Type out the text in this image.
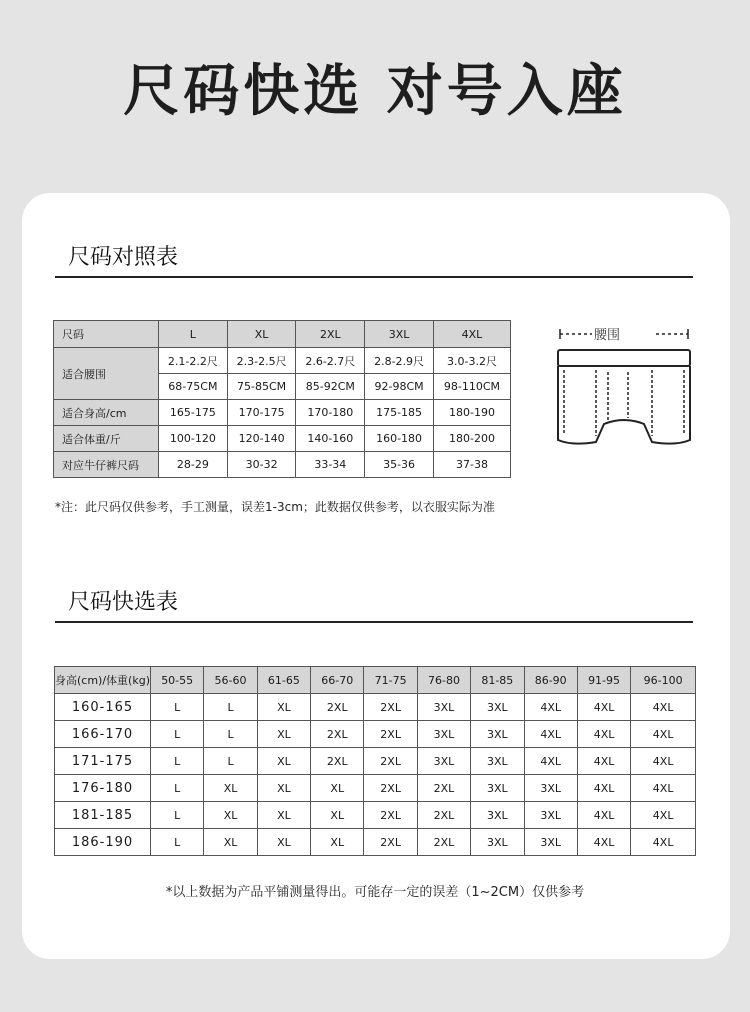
尺码快选 对号入座
尺码对照表
尺码	L	XL	2XL	3XL	4XL
适合腰围	2.1-2.2尺	2.3-2.5尺	2.6-2.7尺	2.8-2.9尺	3.0-3.2尺
	68-75CM	75-85CM	85-92CM	92-98CM	98-110CM
适合身高/cm	165-175	170-175	170-180	175-185	180-190
适合体重/斤	100-120	120-140	140-160	160-180	180-200
对应牛仔裤尺码	28-29	30-32	33-34	35-36	37-38
腰围
*注：此尺码仅供参考，手工测量，误差1-3cm；此数据仅供参考，以衣服实际为准
尺码快选表
身高(cm)/体重(kg)	50-55	56-60	61-65	66-70	71-75	76-80	81-85	86-90	91-95	96-100
160-165	L	L	XL	2XL	2XL	3XL	3XL	4XL	4XL	4XL
166-170	L	L	XL	2XL	2XL	3XL	3XL	4XL	4XL	4XL
171-175	L	L	XL	2XL	2XL	3XL	3XL	4XL	4XL	4XL
176-180	L	XL	XL	XL	2XL	2XL	3XL	3XL	4XL	4XL
181-185	L	XL	XL	XL	2XL	2XL	3XL	3XL	4XL	4XL
186-190	L	XL	XL	XL	2XL	2XL	3XL	3XL	4XL	4XL
*以上数据为产品平铺测量得出。可能存一定的误差（1~2CM）仅供参考
